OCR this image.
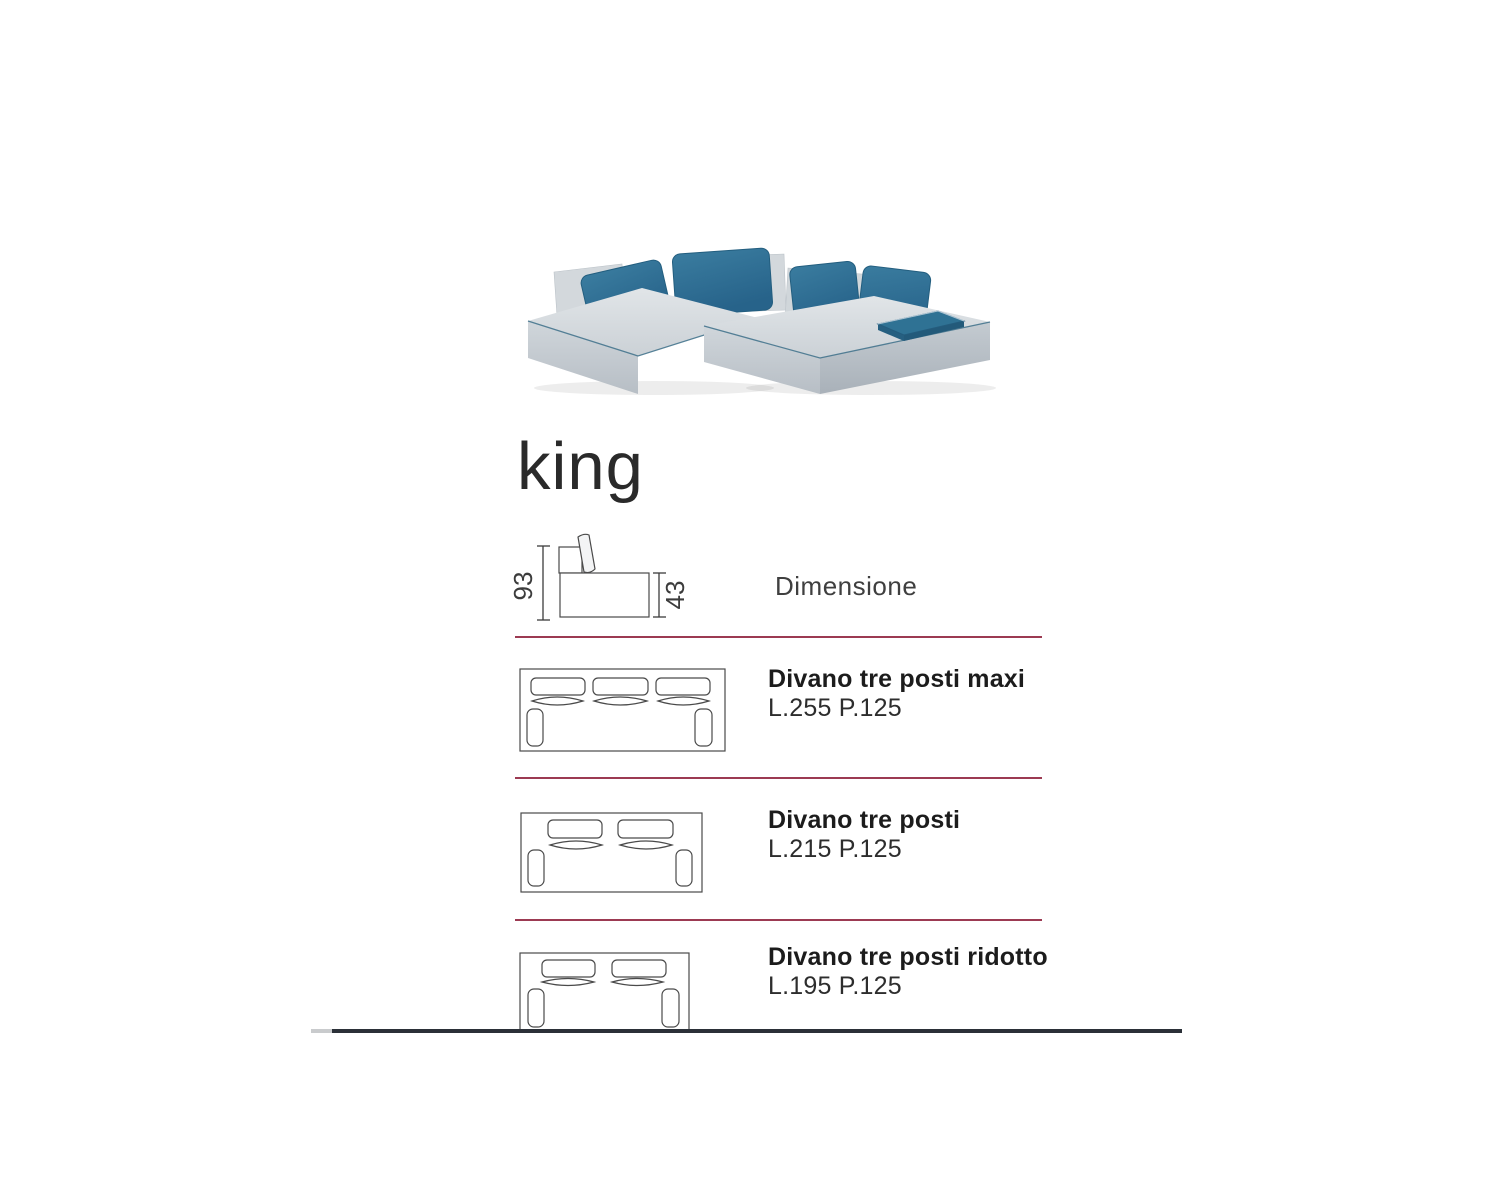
king
93	43	Dimensione
Divano tre posti maxi
L.255 P.125
Divano tre posti
L.215 P.125
Divano tre posti ridotto
L.195 P.125
